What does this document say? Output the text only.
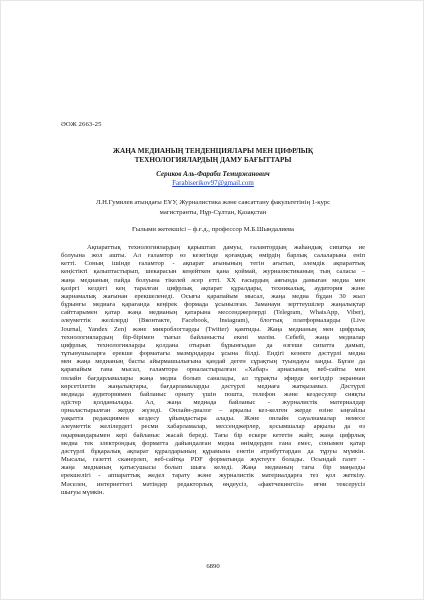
ӘОЖ 2663-25
ЖАҢА МЕДИАНЫҢ ТЕНДЕНЦИЯЛАРЫ МЕН ЦИФРЛЫҚ
ТЕХНОЛОГИЯЛАРДЫҢ ДАМУ БАҒЫТТАРЫ
Сериков Аль-Фараби Темиржанович
Farabiserikov97@gmail.com
Л.Н.Гумилев атындағы ЕҰУ, Журналистика және саясаттану факультетінің 1-курс
магистранты, Нұр-Сұлтан, Қазақстан
Ғылыми жетекшісі – ф.ғ.д., профессор М.Б.Шындалиева
Ақпараттық технологиялардың қарыштап дамуы, ғаламтордың жаһандық сипатқа ие
болуына жол ашты. Ал ғаламтор өз кезегінде қоғамдық өмірдің барлық салаларына еніп
кетті. Соның ішінде ғаламтор - ақпарат ағынының тегін ағытып, әлемдік ақпараттық
кеңістікті қалыптастырып, шекарасын кеңейткен қана қоймай, журналистиканың тың саласы –
жаңа медианың пайда болуына тікелей әсер етті. XX ғасырдың аяғында дамыған медиа мен
қазіргі кездегі кең таралған цифрлық ақпарат құралдары, техникалық, аудитория және
жарнамалық жағынан ерекшеленеді. Осығы қарапайым мысал, жаңа медиа бұдан 30 жыл
бұрынғы медиаға қарағанда кеңірек формада ұсынылған. Заманауи зерттеушілер жаңалықтар
сайттарымен қатар жаңа медианың қатарына мессенджерлерді (Telegram, WhatsApp, Viber),
әлеуметтік желілерді (Вконтакте, Facebook, Instagram), блогтық платформаларды (Live
Journal, Yandex Zen) және микроблогтарды (Twitter) қамтиды. Жаңа медианың мен цифрлық
технологиялардың бір-бірімен тығыз байланысты екені мәлім. Себебі, жаңа медиалар
цифрлық технологияларды қолдана отырып бұрынғыдан да өзгеше сипатта дамып,
тұтынушыларға ерекше форматағы мазмұндарды ұсына білді. Ендігі кезекте дәстүрлі медиа
мен жаңа медианың басты айырмашылығына қандай деген сұрақтың туындауы заңды. Бұған да
қарапайым гана мысал, ғаламтора орналастырылған «Хабар» арнасының веб-сайты мен
онлайн бағдарламалары жаңа медиа болып саналады, ал тұрақты эфирде көгілдір экраннан
көрсетілетін жаңалықтары, бағдарламаларды дәстүрлі медиаға жатқызамыз. Дәстүрлі
медиада аудиториямен байланыс орнату үшін пошта, телефон және кездесулер сияқты
әдістер қолданылады. Ал, жаңа медиада байланыс - журналистік материалдар
орналастырылған жерде жүзеді. Онлайн-диалог – арқылы кез-келген жерде өзіне ыңғайлы
уақытта редакциямен кездесу ұйымдастыра алады. Және онлайн сауалнамалар немесе
әлеуметтік желілердегі ресми хабарламалар, мессенджерлер, қосымшалар арқылы да өз
оқырмандарымен кері байланыс жасай береді. Тағы бір ескере кететін жайт, жаңа цифрлық
медиа тек электрондық форматта дайындалған медиа өнімдерден ғана емес, сонымен қатар
дәстүрлі бұқаралық ақпарат құралдарының құрамына енетін атрибуттардан да тұруы мүмкін.
Мысалы, газетті сканерлеп, веб-сайтқа PDF форматында жүктеуге болады. Осындай газет -
жаңа медианың қатысушысы болып шыға келеді. Жаңа медианың тағы бір маңызды
ерекшелігі - аппараттық жедел тарату және журналистік материалдарға тез қол жеткізу.
Мәселен, интернеттегі мәтіндер редакторлық өңдеусіз, «фактчекингсіз» яғни тексерусіз
шығуы мүмкін.
6890
